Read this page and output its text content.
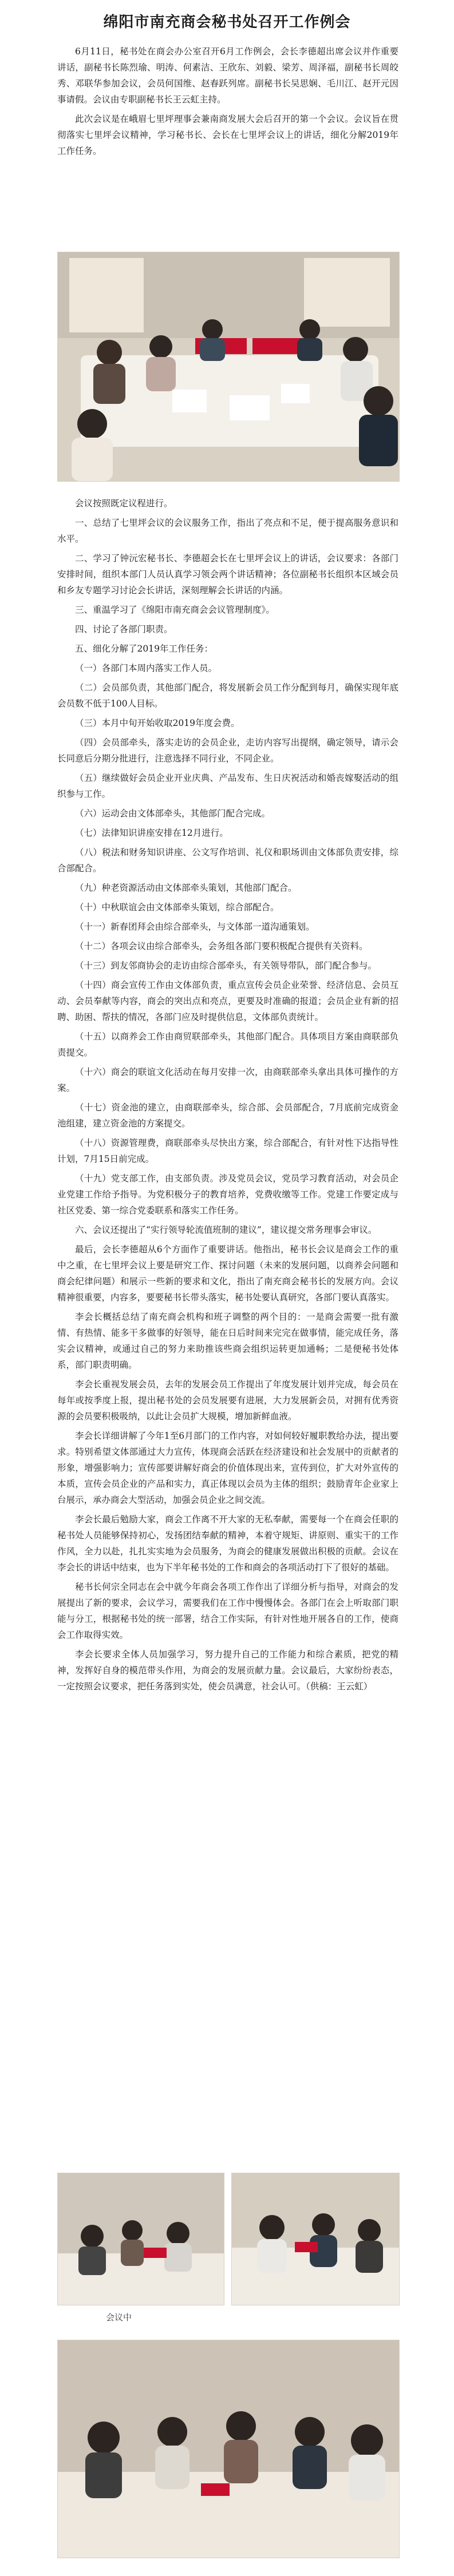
绵阳市南充商会秘书处召开工作例会

6月11日，秘书处在商会办公室召开6月工作例会，会长李德超出席会议并作重要讲话，副秘书长陈烈瑜、明涛、何素洁、王欣东、刘毅、梁芳、周泽福，副秘书长周皎秀、邓联华参加会议，会员何国维、赵春跃列席。副秘书长吴思娴、毛川江、赵开元因事请假。会议由专职副秘书长王云虹主持。

此次会议是在峨眉七里坪理事会兼南商发展大会后召开的第一个会议。会议旨在贯彻落实七里坪会议精神，学习秘书长、会长在七里坪会议上的讲话，细化分解2019年工作任务。

会议按照既定议程进行。

一、总结了七里坪会议的会议服务工作，指出了亮点和不足，便于提高服务意识和水平。

二、学习了钟沅宏秘书长、李德超会长在七里坪会议上的讲话，会议要求：各部门安排时间，组织本部门人员认真学习领会两个讲话精神；各位副秘书长组织本区域会员和乡友专题学习讨论会长讲话，深刻理解会长讲话的内涵。

三、重温学习了《绵阳市南充商会会议管理制度》。

四、讨论了各部门职责。

五、细化分解了2019年工作任务：

（一）各部门本周内落实工作人员。

（二）会员部负责，其他部门配合，将发展新会员工作分配到每月，确保实现年底会员数不低于100人目标。

（三）本月中旬开始收取2019年度会费。

（四）会员部牵头，落实走访的会员企业，走访内容写出提纲，确定领导，请示会长同意后分期分批进行，注意选择不同行业，不同企业。

（五）继续做好会员企业开业庆典、产品发布、生日庆祝活动和婚丧嫁娶活动的组织参与工作。

（六）运动会由文体部牵头，其他部门配合完成。

（七）法律知识讲座安排在12月进行。

（八）税法和财务知识讲座、公文写作培训、礼仪和职场训由文体部负责安排，综合部配合。

（九）种老资源活动由文体部牵头策划，其他部门配合。

（十）中秋联谊会由文体部牵头策划，综合部配合。

（十一）新春团拜会由综合部牵头，与文体部一道沟通策划。

（十二）各项会议由综合部牵头，会务组各部门要积极配合提供有关资料。

（十三）到友邻商协会的走访由综合部牵头，有关领导带队，部门配合参与。

（十四）商会宣传工作由文体部负责，重点宣传会员企业荣誉、经济信息、会员互动、会员奉献等内容，商会的突出点和亮点，更要及时准确的报道；会员企业有新的招聘、助困、帮扶的情况，各部门应及时提供信息，文体部负责统计。

（十五）以商养会工作由商贸联部牵头，其他部门配合。具体项目方案由商联部负责提交。

（十六）商会的联谊文化活动在每月安排一次，由商联部牵头拿出具体可操作的方案。

（十七）资金池的建立，由商联部牵头，综合部、会员部配合，7月底前完成资金池组建，建立资金池的方案提交。

（十八）资源管理费，商联部牵头尽快出方案，综合部配合，有针对性下达指导性计划，7月15日前完成。

（十九）党支部工作，由支部负责。涉及党员会议，党员学习教育活动，对会员企业党建工作给予指导。为党积极分子的教育培养，党费收缴等工作。党建工作要定成与社区党委、第一综合党委联系和落实工作任务。

六、会议还提出了“实行领导轮流值班制的建议”，建议提交常务理事会审议。

最后，会长李德超从6个方面作了重要讲话。他指出，秘书长会议是商会工作的重中之重，在七里坪会议上要是研究工作、探讨问题（未来的发展问题，以商养会问题和商会纪律问题）和展示一些新的要求和文化，指出了南充商会秘书长的发展方向。会议精神很重要，内容多，要要秘书长带头落实，秘书处要认真研究，各部门要认真落实。

李会长概括总结了南充商会机构和班子调整的两个目的：一是商会需要一批有激情、有热情、能多干多做事的好领导，能在日后时间来完完在做事情，能完成任务，落实会议精神，或通过自己的努力来助推该些商会组织运转更加通畅；二是便秘书处体系，部门职责明确。

李会长重视发展会员，去年的发展会员工作提出了年度发展计划并完成，每会员在每年或按季度上报，提出秘书处的会员发展要有进展，大力发展新会员，对拥有优秀资源的会员要积极吸纳，以此让会员扩大规模，增加新鲜血液。

李会长详细讲解了今年1至6月部门的工作内容，对如何较好履职教给办法，提出要求。特别希望文体部通过大力宣传，体现商会活跃在经济建设和社会发展中的贡献者的形象，增强影响力；宣传部要讲解好商会的价值体现出来，宣传到位，扩大对外宣传的本质，宣传会员企业的产品和实力，真正体现以会员为主体的组织；鼓励青年企业家上台展示，承办商会大型活动，加强会员企业之间交流。

李会长最后勉励大家，商会工作离不开大家的无私奉献，需要每一个在商会任职的秘书处人员能够保持初心，发扬团结奉献的精神，本着守规矩、讲原则、重实干的工作作风，全力以赴，扎扎实实地为会员服务，为商会的健康发展做出积极的贡献。会议在李会长的讲话中结束，也为下半年秘书处的工作和商会的各项活动打下了很好的基础。

秘书长何宗全同志在会中就今年商会各项工作作出了详细分析与指导，对商会的发展提出了新的要求，会议学习，需要我们在工作中慢慢体会。各部门在会上听取部门职能与分工，根据秘书处的统一部署，结合工作实际，有针对性地开展各自的工作，使商会工作取得实效。

李会长要求全体人员加强学习，努力提升自己的工作能力和综合素质，把党的精神，发挥好自身的模范带头作用，为商会的发展贡献力量。会议最后，大家纷纷表态，一定按照会议要求，把任务落到实处，使会员满意，社会认可。（供稿：王云虹）

会议中
